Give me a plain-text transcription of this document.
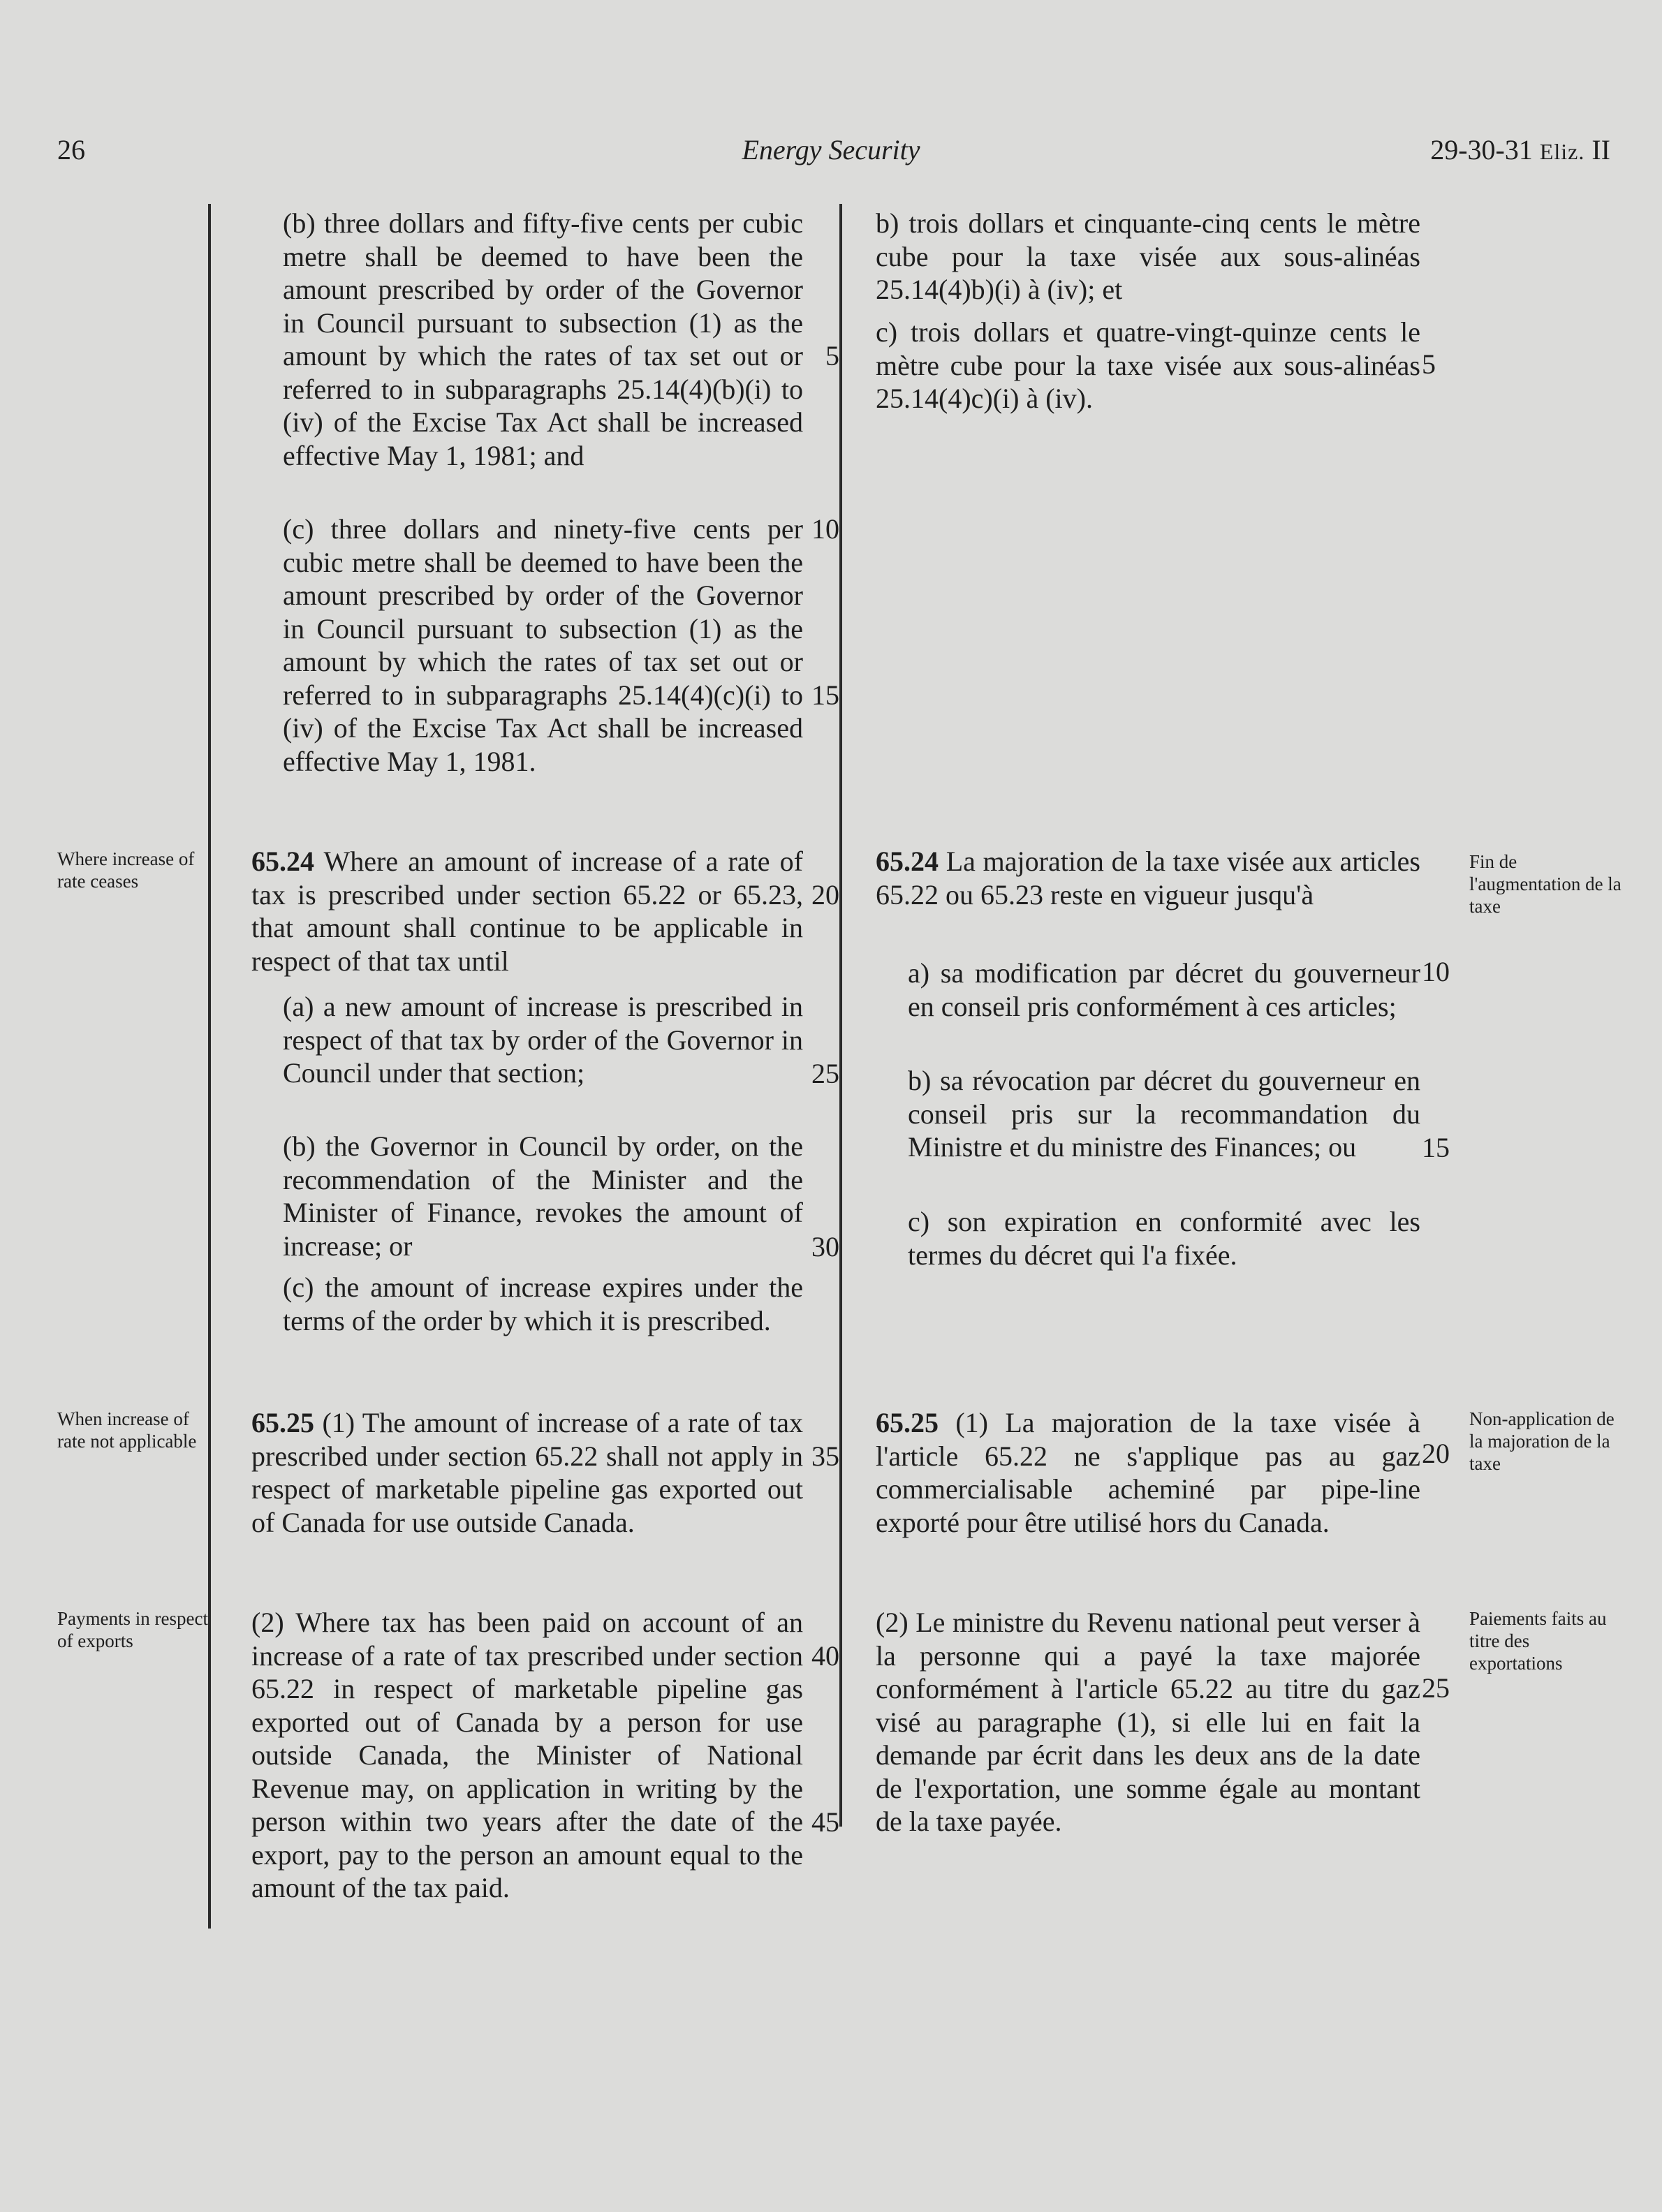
26	Energy Security	29-30-31 Eliz. II
Where increase of rate ceases
When increase of rate not applicable
Payments in respect of exports
Fin de l'augmentation de la taxe
Non-application de la majoration de la taxe
Paiements faits au titre des exportations

(b) three dollars and fifty-five cents per cubic metre shall be deemed to have been the amount prescribed by order of the Governor in Council pursuant to subsection (1) as the amount by which the rates of tax set out or referred to in subparagraphs 25.14(4)(b)(i) to (iv) of the Excise Tax Act shall be increased effective May 1, 1981; and

(c) three dollars and ninety-five cents per cubic metre shall be deemed to have been the amount prescribed by order of the Governor in Council pursuant to subsection (1) as the amount by which the rates of tax set out or referred to in subparagraphs 25.14(4)(c)(i) to (iv) of the Excise Tax Act shall be increased effective May 1, 1981.

65.24 Where an amount of increase of a rate of tax is prescribed under section 65.22 or 65.23, that amount shall continue to be applicable in respect of that tax until

(a) a new amount of increase is prescribed in respect of that tax by order of the Governor in Council under that section;

(b) the Governor in Council by order, on the recommendation of the Minister and the Minister of Finance, revokes the amount of increase; or

(c) the amount of increase expires under the terms of the order by which it is prescribed.

65.25 (1) The amount of increase of a rate of tax prescribed under section 65.22 shall not apply in respect of marketable pipeline gas exported out of Canada for use outside Canada.

(2) Where tax has been paid on account of an increase of a rate of tax prescribed under section 65.22 in respect of marketable pipeline gas exported out of Canada by a person for use outside Canada, the Minister of National Revenue may, on application in writing by the person within two years after the date of the export, pay to the person an amount equal to the amount of the tax paid.

5
10
15
20
25
30
35
40
45

b) trois dollars et cinquante-cinq cents le mètre cube pour la taxe visée aux sous-alinéas 25.14(4)b)(i) à (iv); et

c) trois dollars et quatre-vingt-quinze cents le mètre cube pour la taxe visée aux sous-alinéas 25.14(4)c)(i) à (iv).

65.24 La majoration de la taxe visée aux articles 65.22 ou 65.23 reste en vigueur jusqu'à

a) sa modification par décret du gouverneur en conseil pris conformément à ces articles;

b) sa révocation par décret du gouverneur en conseil pris sur la recommandation du Ministre et du ministre des Finances; ou

c) son expiration en conformité avec les termes du décret qui l'a fixée.

65.25 (1) La majoration de la taxe visée à l'article 65.22 ne s'applique pas au gaz commercialisable acheminé par pipe-line exporté pour être utilisé hors du Canada.

(2) Le ministre du Revenu national peut verser à la personne qui a payé la taxe majorée conformément à l'article 65.22 au titre du gaz visé au paragraphe (1), si elle lui en fait la demande par écrit dans les deux ans de la date de l'exportation, une somme égale au montant de la taxe payée.

5
10
15
20
25
